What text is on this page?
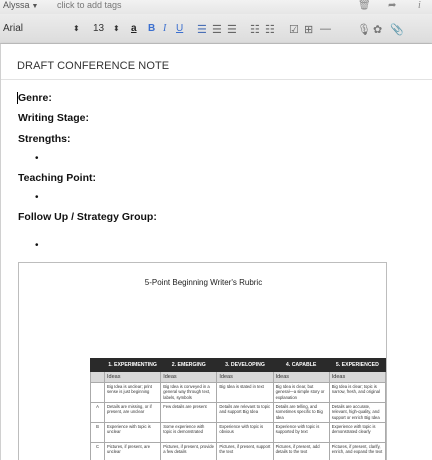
Alyssa ▼ click to add tags	🗑 ➦ i
Arial	⬍ 13 ⬍ a B I U ☰ ☰ ☰ ☷ ☷ ☑ ⊞ — 🎙 ✿ 📎
DRAFT CONFERENCE NOTE
Genre:
Writing Stage:
Strengths:
•
Teaching Point:
•
Follow Up / Strategy Group:
•
5-Point Beginning Writer's Rubric
	1. EXPERIMENTING	2. EMERGING	3. DEVELOPING	4. CAPABLE	5. EXPERIENCED
	Ideas	Ideas	Ideas	Ideas	Ideas
	Big Idea is unclear; print sense is just beginning	Big Idea is conveyed in a general way through text, labels, symbols	Big Idea is stated in text	Big Idea is clear, but general—a simple story or explanation	Big Idea is clear; topic is narrow, fresh, and original
A	Details are missing, or if present, are unclear	Few details are present	Details are relevant to topic and support Big Idea	Details are telling, and sometimes specific to Big Idea	Details are accurate, relevant, high-quality, and support or enrich Big Idea
B	Experience with topic is unclear	Some experience with topic is demonstrated	Experience with topic is obvious	Experience with topic is supported by text	Experience with topic is demonstrated clearly
C	Pictures, if present, are unclear	Pictures, if present, provide a few details	Pictures, if present, support the text	Pictures, if present, add details to the text	Pictures, if present, clarify, enrich, and expand the text
